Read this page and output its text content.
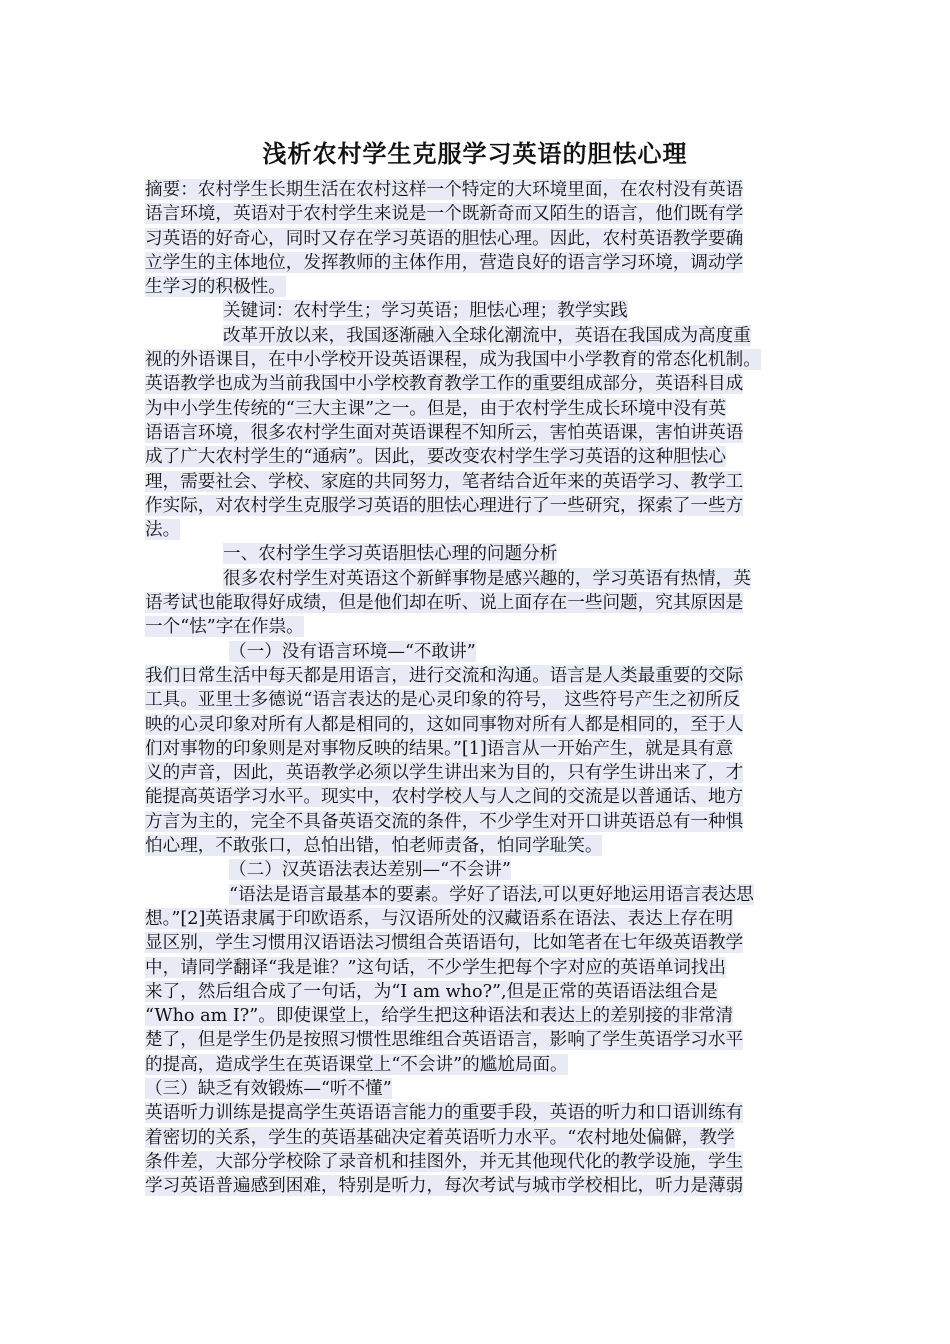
浅析农村学生克服学习英语的胆怯心理
摘要：农村学生长期生活在农村这样一个特定的大环境里面，在农村没有英语
语言环境，英语对于农村学生来说是一个既新奇而又陌生的语言，他们既有学
习英语的好奇心，同时又存在学习英语的胆怯心理。因此，农村英语教学要确
立学生的主体地位，发挥教师的主体作用，营造良好的语言学习环境，调动学
生学习的积极性。
关键词：农村学生；学习英语；胆怯心理；教学实践
改革开放以来，我国逐渐融入全球化潮流中，英语在我国成为高度重
视的外语课目，在中小学校开设英语课程，成为我国中小学教育的常态化机制。
英语教学也成为当前我国中小学校教育教学工作的重要组成部分，英语科目成
为中小学生传统的“三大主课”之一。但是，由于农村学生成长环境中没有英
语语言环境，很多农村学生面对英语课程不知所云，害怕英语课，害怕讲英语
成了广大农村学生的“通病”。因此，要改变农村学生学习英语的这种胆怯心
理，需要社会、学校、家庭的共同努力，笔者结合近年来的英语学习、教学工
作实际，对农村学生克服学习英语的胆怯心理进行了一些研究，探索了一些方
法。
一、农村学生学习英语胆怯心理的问题分析
很多农村学生对英语这个新鲜事物是感兴趣的，学习英语有热情，英
语考试也能取得好成绩，但是他们却在听、说上面存在一些问题，究其原因是
一个“怯”字在作祟。
（一）没有语言环境—“不敢讲”
我们日常生活中每天都是用语言，进行交流和沟通。语言是人类最重要的交际
工具。亚里士多德说“语言表达的是心灵印象的符号， 这些符号产生之初所反
映的心灵印象对所有人都是相同的，这如同事物对所有人都是相同的，至于人
们对事物的印象则是对事物反映的结果。”[1]语言从一开始产生，就是具有意
义的声音，因此，英语教学必须以学生讲出来为目的，只有学生讲出来了，才
能提高英语学习水平。现实中，农村学校人与人之间的交流是以普通话、地方
方言为主的，完全不具备英语交流的条件，不少学生对开口讲英语总有一种惧
怕心理，不敢张口，总怕出错，怕老师责备，怕同学耻笑。
（二）汉英语法表达差别—“不会讲”
“语法是语言最基本的要素。学好了语法,可以更好地运用语言表达思
想。”[2]英语隶属于印欧语系，与汉语所处的汉藏语系在语法、表达上存在明
显区别，学生习惯用汉语语法习惯组合英语语句，比如笔者在七年级英语教学
中，请同学翻译“我是谁？”这句话，不少学生把每个字对应的英语单词找出
来了，然后组合成了一句话，为“I am who?”,但是正常的英语语法组合是
“Who am I?”。即使课堂上，给学生把这种语法和表达上的差别接的非常清
楚了，但是学生仍是按照习惯性思维组合英语语言，影响了学生英语学习水平
的提高，造成学生在英语课堂上“不会讲”的尴尬局面。
（三）缺乏有效锻炼—“听不懂”
英语听力训练是提高学生英语语言能力的重要手段，英语的听力和口语训练有
着密切的关系，学生的英语基础决定着英语听力水平。“农村地处偏僻，教学
条件差，大部分学校除了录音机和挂图外，并无其他现代化的教学设施，学生
学习英语普遍感到困难，特别是听力，每次考试与城市学校相比，听力是薄弱
